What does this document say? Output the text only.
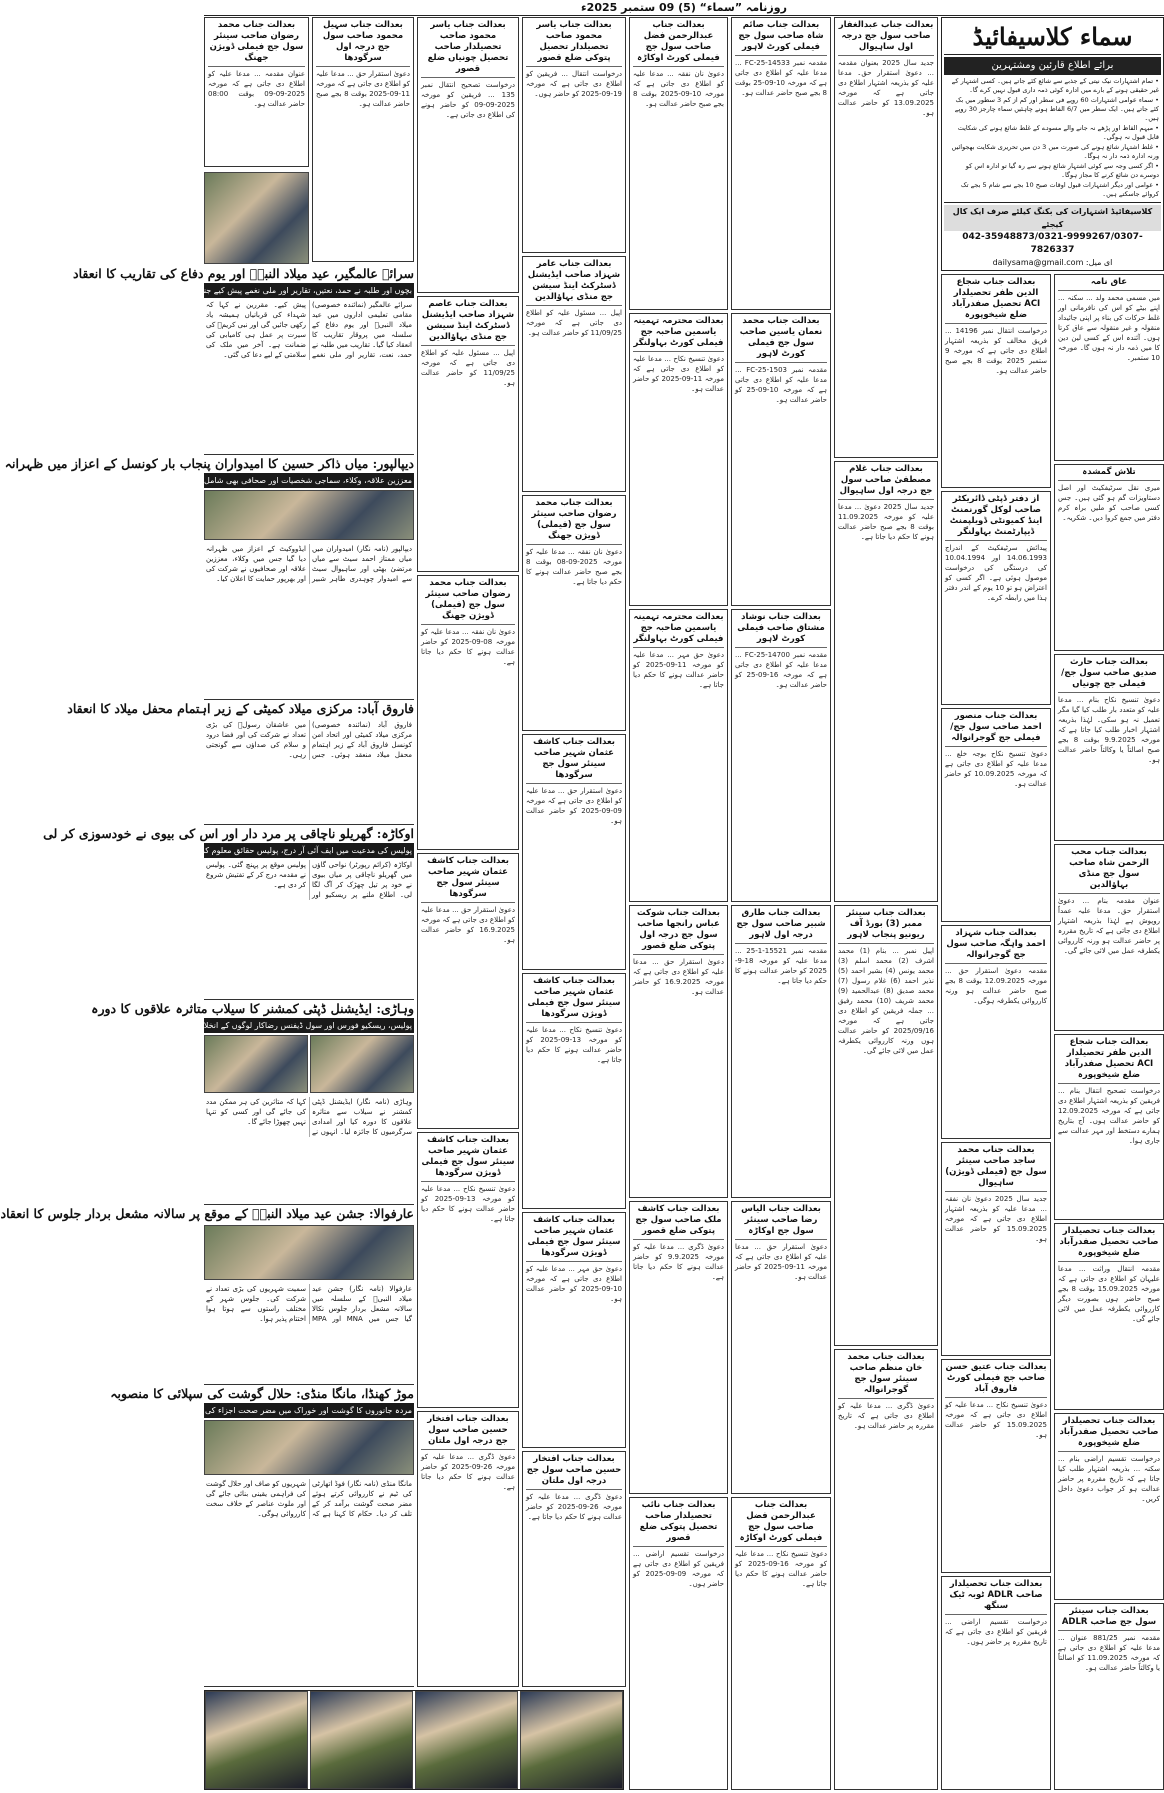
روزنامہ ”سماء“ (5) 09 ستمبر 2025ء
سماء کلاسیفائیڈ
برائے اطلاع قارئین ومشتہرین
• تمام اشتہارات نیک نیتی کے جذبے سے شائع کئے جاتے ہیں۔ کسی اشتہار کے غیر حقیقی ہونے کے بارے میں ادارہ کوئی ذمہ داری قبول نہیں کرے گا۔
• سماء عوامی اشتہارات 60 روپے فی سطر اور کم از کم 3 سطور میں بک کئے جاتے ہیں۔ ایک سطر میں 6/7 الفاظ ہونے چاہئیں سماء چارجز 30 روپے ہیں۔
• مبہم الفاظ اور پڑھے نہ جانے والے مسودے کے غلط شائع ہونے کی شکایت قابل قبول نہ ہوگی۔
• غلط اشتہار شائع ہونے کی صورت میں 3 دن میں تحریری شکایت بھجوائیں ورنہ ادارہ ذمہ دار نہ ہوگا۔
• اگر کسی وجہ سے کوئی اشتہار شائع ہونے سے رہ گیا تو ادارہ اس کو دوسرے دن شائع کرنے کا مجاز ہوگا۔
• عوامی اور دیگر اشتہارات قبول اوقات صبح 10 بجے سے شام 5 بجے تک کروائے جاسکتے ہیں۔
کلاسیفائیڈ اشتہارات کی بکنگ کیلئے صرف ایک کال کیجئے
042-35948873/0321-9999267/0307-7826337
dailysama@gmail.com :ای میل
عاق نامہ

میں مسمی محمد ولد ... سکنہ ... اپنے بیٹے کو اس کی نافرمانی اور غلط حرکات کی بناء پر اپنی جائیداد منقولہ و غیر منقولہ سے عاق کرتا ہوں۔ آئندہ اس کے کسی لین دین کا میں ذمہ دار نہ ہوں گا۔ مورخہ 10 ستمبر۔

تلاش گمشدہ

میری نقل سرٹیفکیٹ اور اصل دستاویزات گم ہو گئی ہیں۔ جس کسی صاحب کو ملیں براہ کرم دفتر میں جمع کروا دیں۔ شکریہ۔

بعدالت جناب حارث صدیق صاحب سول جج/فیملی جج چونیاں

دعویٰ تنسیخ نکاح بنام ... مدعا علیہ کو متعدد بار طلب کیا گیا مگر تعمیل نہ ہو سکی۔ لہٰذا بذریعہ اشتہار اخبار طلب کیا جاتا ہے کہ مورخہ 9.9.2025 بوقت 8 بجے صبح اصالتاً یا وکالتاً حاضر عدالت ہو۔

بعدالت جناب محب الرحمن شاہ صاحب سول جج منڈی بہاؤالدین

عنوان مقدمہ بنام ... دعویٰ استقرار حق۔ مدعا علیہ عمداً روپوش ہے لہٰذا بذریعہ اشتہار اطلاع دی جاتی ہے کہ تاریخ مقررہ پر حاضر عدالت ہو ورنہ کارروائی یکطرفہ عمل میں لائی جائے گی۔

بعدالت جناب شجاع الدین ظفر تحصیلدار ACI تحصیل صفدرآباد ضلع شیخوپورہ

درخواست تصحیح انتقال بنام ... فریقین کو بذریعہ اشتہار اطلاع دی جاتی ہے کہ مورخہ 12.09.2025 کو حاضر عدالت ہوں۔ آج بتاریخ ہمارے دستخط اور مہر عدالت سے جاری ہوا۔

بعدالت جناب تحصیلدار صاحب تحصیل صفدرآباد ضلع شیخوپورہ

مقدمہ انتقال وراثت ... مدعا علیہان کو اطلاع دی جاتی ہے کہ مورخہ 15.09.2025 بوقت 8 بجے صبح حاضر ہوں بصورت دیگر کارروائی یکطرفہ عمل میں لائی جائے گی۔

بعدالت جناب تحصیلدار صاحب تحصیل صفدرآباد ضلع شیخوپورہ

درخواست تقسیم اراضی بنام ... سکنہ ... بذریعہ اشتہار طلب کیا جاتا ہے کہ تاریخ مقررہ پر حاضر عدالت ہو کر جواب دعویٰ داخل کریں۔

بعدالت جناب سینئر سول جج صاحب ADLR

مقدمہ نمبر 881/25 عنوان ... مدعا علیہ کو اطلاع دی جاتی ہے کہ مورخہ 11.09.2025 کو اصالتاً یا وکالتاً حاضر عدالت ہو۔

بعدالت جناب شجاع الدین ظفر تحصیلدار ACI تحصیل صفدرآباد ضلع شیخوپورہ

درخواست انتقال نمبر 14196 ... فریق مخالف کو بذریعہ اشتہار اطلاع دی جاتی ہے کہ مورخہ 9 ستمبر 2025 بوقت 8 بجے صبح حاضر عدالت ہو۔

از دفتر ڈپٹی ڈائریکٹر صاحب لوکل گورنمنٹ اینڈ کمیونٹی ڈویلپمنٹ ڈیپارٹمنٹ بہاولنگر

پیدائش سرٹیفکیٹ کے اندراج 14.06.1993 اور 10.04.1994 کی درستگی کی درخواست موصول ہوئی ہے۔ اگر کسی کو اعتراض ہو تو 10 یوم کے اندر دفتر ہذا میں رابطہ کرے۔

بعدالت جناب منصور احمد صاحب سول جج/فیملی جج گوجرانوالہ

دعویٰ تنسیخ نکاح بوجہ خلع ... مدعا علیہ کو اطلاع دی جاتی ہے کہ مورخہ 10.09.2025 کو حاضر عدالت ہو۔

بعدالت جناب شہزاد احمد واہگہ صاحب سول جج گوجرانوالہ

مقدمہ دعویٰ استقرار حق ... مورخہ 12.09.2025 بوقت 8 بجے صبح حاضر عدالت ہو ورنہ کارروائی یکطرفہ ہوگی۔

بعدالت جناب محمد ساجد صاحب سینئر سول جج (فیملی ڈویژن) ساہیوال

جدید سال 2025 دعویٰ نان نفقہ ... مدعا علیہ کو بذریعہ اشتہار اطلاع دی جاتی ہے کہ مورخہ 15.09.2025 کو حاضر عدالت ہو۔

بعدالت جناب عتیق حسن صاحب جج فیملی کورٹ فاروق آباد

دعویٰ تنسیخ نکاح ... مدعا علیہ کو اطلاع دی جاتی ہے کہ مورخہ 15.09.2025 کو حاضر عدالت ہو۔

بعدالت جناب تحصیلدار صاحب ADLR ٹوبہ ٹیک سنگھ

درخواست تقسیم اراضی ... فریقین کو اطلاع دی جاتی ہے کہ تاریخ مقررہ پر حاضر ہوں۔

بعدالت جناب عبدالغفار صاحب سول جج درجہ اول ساہیوال

جدید سال 2025 بعنوان مقدمہ ... دعویٰ استقرار حق۔ مدعا علیہ کو بذریعہ اشتہار اطلاع دی جاتی ہے کہ مورخہ 13.09.2025 کو حاضر عدالت ہو۔

بعدالت جناب غلام مصطفیٰ صاحب سول جج درجہ اول ساہیوال

جدید سال 2025 دعویٰ ... مدعا علیہ کو مورخہ 11.09.2025 بوقت 8 بجے صبح حاضر عدالت ہونے کا حکم دیا جاتا ہے۔

بعدالت جناب سینئر ممبر (3) بورڈ آف ریونیو پنجاب لاہور

اپیل نمبر ... بنام (1) محمد اشرف (2) محمد اسلم (3) محمد یونس (4) بشیر احمد (5) نذیر احمد (6) غلام رسول (7) محمد صدیق (8) عبدالحمید (9) محمد شریف (10) محمد رفیق ... جملہ فریقین کو اطلاع دی جاتی ہے کہ مورخہ 2025/09/16 کو حاضر عدالت ہوں ورنہ کارروائی یکطرفہ عمل میں لائی جائے گی۔

بعدالت جناب محمد خان منظم صاحب سینئر سول جج گوجرانوالہ

دعویٰ ڈگری ... مدعا علیہ کو اطلاع دی جاتی ہے کہ تاریخ مقررہ پر حاضر عدالت ہو۔

بعدالت جناب صائم شاہ صاحب سول جج فیملی کورٹ لاہور

مقدمہ نمبر 14533-FC-25 ... مدعا علیہ کو اطلاع دی جاتی ہے کہ مورخہ 10-09-25 بوقت 8 بجے صبح حاضر عدالت ہو۔

بعدالت جناب محمد نعمان یاسین صاحب سول جج فیملی کورٹ لاہور

مقدمہ نمبر 1503-FC-25 ... مدعا علیہ کو اطلاع دی جاتی ہے کہ مورخہ 10-09-25 کو حاضر عدالت ہو۔

بعدالت جناب نوشاد مشتاق صاحب فیملی کورٹ لاہور

مقدمہ نمبر 14700-FC-25 ... مدعا علیہ کو اطلاع دی جاتی ہے کہ مورخہ 16-09-25 کو حاضر عدالت ہو۔

بعدالت جناب طارق شبیر صاحب سول جج درجہ اول لاہور

مقدمہ نمبر 15521-1-25 ... مدعا علیہ کو مورخہ 18-9-2025 کو حاضر عدالت ہونے کا حکم دیا جاتا ہے۔

بعدالت جناب الیاس رضا صاحب سینئر سول جج اوکاڑہ

دعویٰ استقرار حق ... مدعا علیہ کو اطلاع دی جاتی ہے کہ مورخہ 11-09-2025 کو حاضر عدالت ہو۔

بعدالت جناب عبدالرحمن فضل صاحب سول جج فیملی کورٹ اوکاڑہ

دعویٰ تنسیخ نکاح ... مدعا علیہ کو مورخہ 16-09-2025 کو حاضر عدالت ہونے کا حکم دیا جاتا ہے۔

بعدالت جناب عبدالرحمن فضل صاحب سول جج فیملی کورٹ اوکاڑہ

دعویٰ نان نفقہ ... مدعا علیہ کو اطلاع دی جاتی ہے کہ مورخہ 10-09-2025 بوقت 8 بجے صبح حاضر عدالت ہو۔

بعدالت محترمہ تہمینہ یاسمین صاحبہ جج فیملی کورٹ بہاولنگر

دعویٰ تنسیخ نکاح ... مدعا علیہ کو اطلاع دی جاتی ہے کہ مورخہ 11-09-2025 کو حاضر عدالت ہو۔

بعدالت محترمہ تہمینہ یاسمین صاحبہ جج فیملی کورٹ بہاولنگر

دعویٰ حق مہر ... مدعا علیہ کو مورخہ 11-09-2025 کو حاضر عدالت ہونے کا حکم دیا جاتا ہے۔

بعدالت جناب شوکت عباس رانجھا صاحب سول جج درجہ اول پتوکی ضلع قصور

دعویٰ استقرار حق ... مدعا علیہ کو اطلاع دی جاتی ہے کہ مورخہ 16.9.2025 کو حاضر عدالت ہو۔

بعدالت جناب کاشف ملک صاحب سول جج پتوکی ضلع قصور

دعویٰ ڈگری ... مدعا علیہ کو مورخہ 9.9.2025 کو حاضر عدالت ہونے کا حکم دیا جاتا ہے۔

بعدالت جناب نائب تحصیلدار صاحب تحصیل پتوکی ضلع قصور

درخواست تقسیم اراضی ... فریقین کو اطلاع دی جاتی ہے کہ مورخہ 09-09-2025 کو حاضر ہوں۔

بعدالت جناب یاسر محمود صاحب تحصیلدار تحصیل پتوکی ضلع قصور

درخواست انتقال ... فریقین کو اطلاع دی جاتی ہے کہ مورخہ 19-09-2025 کو حاضر ہوں۔

بعدالت جناب عامر شہزاد صاحب ایڈیشنل ڈسٹرکٹ اینڈ سیشن جج منڈی بہاؤالدین

اپیل ... مسئول علیہ کو اطلاع دی جاتی ہے کہ مورخہ 11/09/25 کو حاضر عدالت ہو۔

بعدالت جناب محمد رضوان صاحب سینئر سول جج (فیملی) ڈویژن جھنگ

دعویٰ نان نفقہ ... مدعا علیہ کو مورخہ 2025-09-08 بوقت 8 بجے صبح حاضر عدالت ہونے کا حکم دیا جاتا ہے۔

بعدالت جناب کاشف عثمان شہیر صاحب سینئر سول جج سرگودھا

دعویٰ استقرار حق ... مدعا علیہ کو اطلاع دی جاتی ہے کہ مورخہ 09-09-2025 کو حاضر عدالت ہو۔

بعدالت جناب کاشف عثمان شہیر صاحب سینئر سول جج فیملی ڈویژن سرگودھا

دعویٰ تنسیخ نکاح ... مدعا علیہ کو مورخہ 13-09-2025 کو حاضر عدالت ہونے کا حکم دیا جاتا ہے۔

بعدالت جناب کاشف عثمان شہیر صاحب سینئر سول جج فیملی ڈویژن سرگودھا

دعویٰ حق مہر ... مدعا علیہ کو اطلاع دی جاتی ہے کہ مورخہ 10-09-2025 کو حاضر عدالت ہو۔

بعدالت جناب افتخار حسین صاحب سول جج درجہ اول ملتان

دعویٰ ڈگری ... مدعا علیہ کو مورخہ 26-09-2025 کو حاضر عدالت ہونے کا حکم دیا جاتا ہے۔

بعدالت جناب یاسر محمود صاحب تحصیلدار صاحب تحصیل چونیاں ضلع قصور

درخواست تصحیح انتقال نمبر 135 ... فریقین کو مورخہ 2025-09-09 کو حاضر ہونے کی اطلاع دی جاتی ہے۔

بعدالت جناب عاصم شہزاد صاحب ایڈیشنل ڈسٹرکٹ اینڈ سیشن جج منڈی بہاؤالدین

اپیل ... مسئول علیہ کو اطلاع دی جاتی ہے کہ مورخہ 11/09/25 کو حاضر عدالت ہو۔

بعدالت جناب محمد رضوان صاحب سینئر سول جج (فیملی) ڈویژن جھنگ

دعویٰ نان نفقہ ... مدعا علیہ کو مورخہ 08-09-2025 کو حاضر عدالت ہونے کا حکم دیا جاتا ہے۔

بعدالت جناب کاشف عثمان شہیر صاحب سینئر سول جج سرگودھا

دعویٰ استقرار حق ... مدعا علیہ کو اطلاع دی جاتی ہے کہ مورخہ 16.9.2025 کو حاضر عدالت ہو۔

بعدالت جناب کاشف عثمان شہیر صاحب سینئر سول جج فیملی ڈویژن سرگودھا

دعویٰ تنسیخ نکاح ... مدعا علیہ کو مورخہ 13-09-2025 کو حاضر عدالت ہونے کا حکم دیا جاتا ہے۔

بعدالت جناب افتخار حسین صاحب سول جج درجہ اول ملتان

دعویٰ ڈگری ... مدعا علیہ کو مورخہ 26-09-2025 کو حاضر عدالت ہونے کا حکم دیا جاتا ہے۔

بعدالت جناب سہیل محمود صاحب سول جج درجہ اول سرگودھا

دعویٰ استقرار حق ... مدعا علیہ کو اطلاع دی جاتی ہے کہ مورخہ 11-09-2025 بوقت 8 بجے صبح حاضر عدالت ہو۔

بعدالت جناب محمد رضوان صاحب سینئر سول جج فیملی ڈویژن جھنگ

عنوان مقدمہ ... مدعا علیہ کو اطلاع دی جاتی ہے کہ مورخہ 2025-09-09 بوقت 08:00 حاضر عدالت ہو۔

سرائے عالمگیر، عید میلاد النبیؐ اور یوم دفاع کی تقاریب کا انعقاد
بچوں اور طلبہ نے حمد، نعتیں، تقاریر اور ملی نغمے پیش کیے جنہیں شرکاء نے خوب سراہا

سرائے عالمگیر (نمائندہ خصوصی) مقامی تعلیمی اداروں میں عید میلاد النبیؐ اور یوم دفاع کے سلسلہ میں پروقار تقاریب کا انعقاد کیا گیا۔ تقاریب میں طلبہ نے حمد، نعت، تقاریر اور ملی نغمے پیش کیے۔ مقررین نے کہا کہ شہداء کی قربانیاں ہمیشہ یاد رکھی جائیں گی اور نبی کریمؐ کی سیرت پر عمل ہی کامیابی کی ضمانت ہے۔ آخر میں ملک کی سلامتی کے لیے دعا کی گئی۔

دیپالپور: میاں ذاکر حسین کا امیدواران پنجاب بار کونسل کے اعزاز میں ظہرانہ
معززین علاقہ، وکلاء، سماجی شخصیات اور صحافی بھی شامل، فرینڈز اینڈ ماڈرن گروپ کی حمایت کا اعلان

دیپالپور (نامہ نگار) امیدواران میں میاں ممتاز احمد سیٹ سے میاں مرتضیٰ بھٹی اور ساہیوال سیٹ سے امیدوار چوہدری طاہر شبیر ایڈووکیٹ کے اعزاز میں ظہرانہ دیا گیا جس میں وکلاء، معززین علاقہ اور صحافیوں نے شرکت کی اور بھرپور حمایت کا اعلان کیا۔

فاروق آباد: مرکزی میلاد کمیٹی کے زیر اہتمام محفل میلاد کا انعقاد

فاروق آباد (نمائندہ خصوصی) مرکزی میلاد کمیٹی اور اتحاد امن کونسل فاروق آباد کے زیر اہتمام محفل میلاد منعقد ہوئی۔ جس میں عاشقان رسولؐ کی بڑی تعداد نے شرکت کی اور فضا درود و سلام کی صداؤں سے گونجتی رہی۔

اوکاڑہ: گھریلو ناچاقی پر مرد دار اور اس کی بیوی نے خودسوزی کر لی
پولیس کی مدعیت میں ایف آئی آر درج، پولیس حقائق معلوم کر رہی ہے

اوکاڑہ (کرائم رپورٹر) نواحی گاؤں میں گھریلو ناچاقی پر میاں بیوی نے خود پر تیل چھڑک کر آگ لگا لی۔ اطلاع ملنے پر ریسکیو اور پولیس موقع پر پہنچ گئی۔ پولیس نے مقدمہ درج کر کے تفتیش شروع کر دی ہے۔

وہاڑی: ایڈیشنل ڈپٹی کمشنر کا سیلاب متاثرہ علاقوں کا دورہ
پولیس، ریسکیو فورس اور سول ڈیفنس رضاکار لوگوں کے انخلاء کے کام میں مصروف ہیں

وہاڑی (نامہ نگار) ایڈیشنل ڈپٹی کمشنر نے سیلاب سے متاثرہ علاقوں کا دورہ کیا اور امدادی سرگرمیوں کا جائزہ لیا۔ انہوں نے کہا کہ متاثرین کی ہر ممکن مدد کی جائے گی اور کسی کو تنہا نہیں چھوڑا جائے گا۔

عارفوالا: جشن عید میلاد النبیؐ کے موقع پر سالانہ مشعل بردار جلوس کا انعقاد

عارفوالا (نامہ نگار) جشن عید میلاد النبیؐ کے سلسلہ میں سالانہ مشعل بردار جلوس نکالا گیا جس میں MNA اور MPA سمیت شہریوں کی بڑی تعداد نے شرکت کی۔ جلوس شہر کے مختلف راستوں سے ہوتا ہوا اختتام پذیر ہوا۔

موڑ کھنڈا، مانگا منڈی: حلال گوشت کی سپلائی کا منصوبہ
مردہ جانوروں کا گوشت اور خوراک میں مضر صحت اجزاء کی روک تھام

مانگا منڈی (نامہ نگار) فوڈ اتھارٹی کی ٹیم نے کارروائی کرتے ہوئے مضر صحت گوشت برآمد کر کے تلف کر دیا۔ حکام کا کہنا ہے کہ شہریوں کو صاف اور حلال گوشت کی فراہمی یقینی بنائی جائے گی اور ملوث عناصر کے خلاف سخت کارروائی ہوگی۔
